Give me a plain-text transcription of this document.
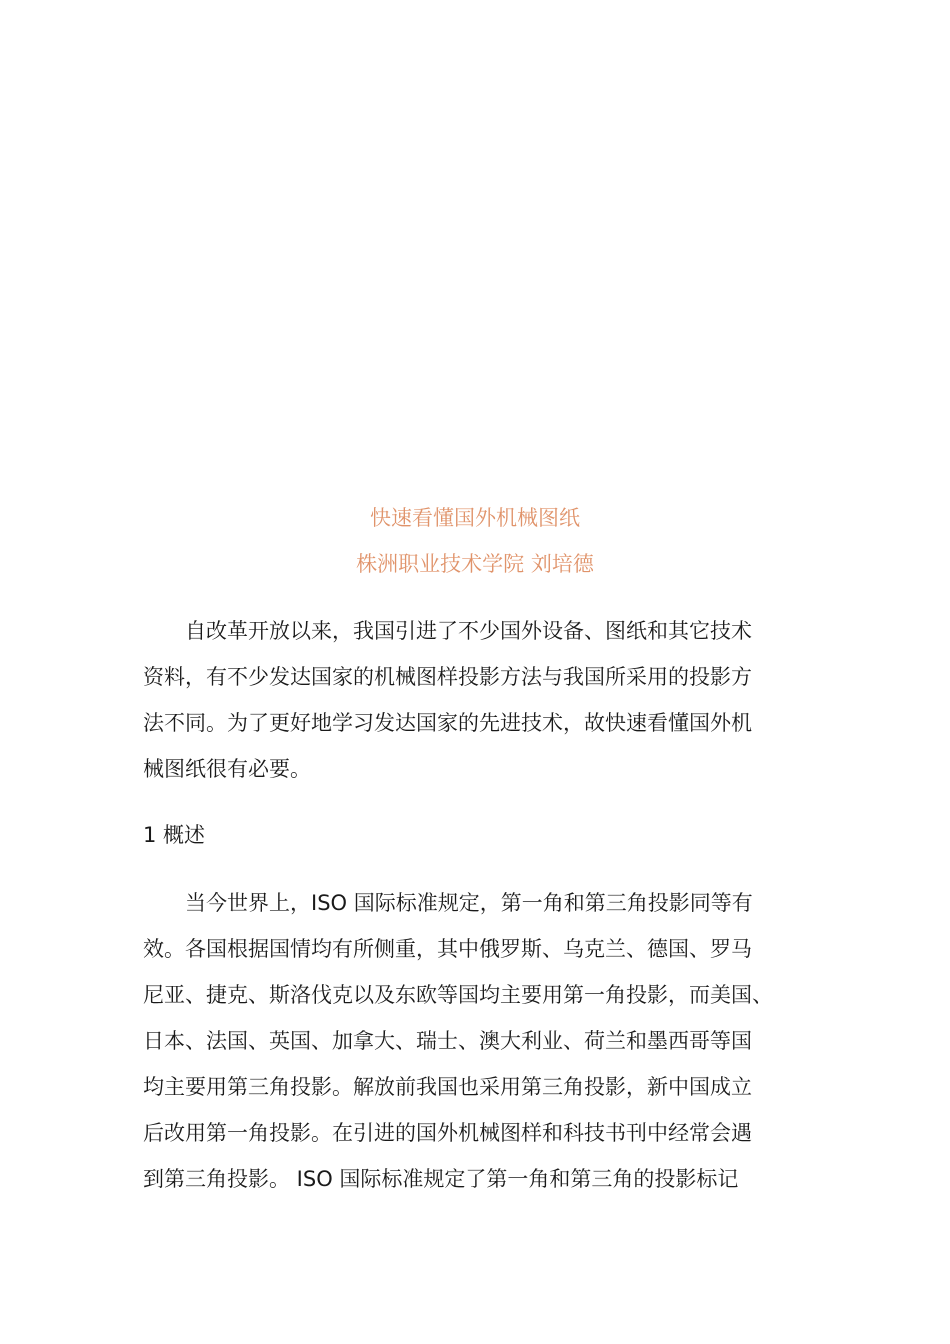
快速看懂国外机械图纸
株洲职业技术学院 刘培德
　　自改革开放以来，我国引进了不少国外设备、图纸和其它技术
资料，有不少发达国家的机械图样投影方法与我国所采用的投影方
法不同。为了更好地学习发达国家的先进技术，故快速看懂国外机
械图纸很有必要。
1 概述
　　当今世界上，ISO 国际标准规定，第一角和第三角投影同等有
效。各国根据国情均有所侧重，其中俄罗斯、乌克兰、德国、罗马
尼亚、捷克、斯洛伐克以及东欧等国均主要用第一角投影，而美国、
日本、法国、英国、加拿大、瑞士、澳大利业、荷兰和墨西哥等国
均主要用第三角投影。解放前我国也采用第三角投影，新中国成立
后改用第一角投影。在引进的国外机械图样和科技书刊中经常会遇
到第三角投影。 ISO 国际标准规定了第一角和第三角的投影标记
